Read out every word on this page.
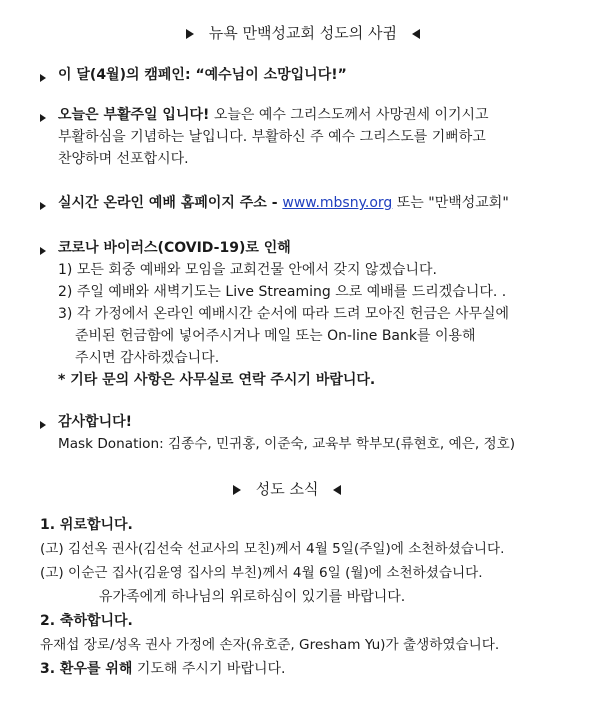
뉴욕 만백성교회 성도의 사귐
이 달(4월)의 캠페인: “예수님이 소망입니다!”
오늘은 부활주일 입니다! 오늘은 예수 그리스도께서 사망권세 이기시고
부활하심을 기념하는 날입니다. 부활하신 주 예수 그리스도를 기뻐하고
찬양하며 선포합시다.
실시간 온라인 예배 홈페이지 주소 - www.mbsny.org 또는 "만백성교회"
코로나 바이러스(COVID-19)로 인해
1) 모든 회중 예배와 모임을 교회건물 안에서 갖지 않겠습니다.
2) 주일 예배와 새벽기도는 Live Streaming 으로 예배를 드리겠습니다. .
3) 각 가정에서 온라인 예배시간 순서에 따라 드려 모아진 헌금은 사무실에
준비된 헌금함에 넣어주시거나 메일 또는 On-line Bank를 이용해
주시면 감사하겠습니다.
* 기타 문의 사항은 사무실로 연락 주시기 바랍니다.
감사합니다!
Mask Donation: 김종수, 민귀홍, 이준숙, 교육부 학부모(류현호, 예은, 정호)
성도 소식
1. 위로합니다.
(고) 김선옥 권사(김선숙 선교사의 모친)께서 4월 5일(주일)에 소천하셨습니다.
(고) 이순근 집사(김윤영 집사의 부친)께서 4월 6일 (월)에 소천하셨습니다.
유가족에게 하나님의 위로하심이 있기를 바랍니다.
2. 축하합니다.
유재섭 장로/성옥 권사 가정에 손자(유호준, Gresham Yu)가 출생하였습니다.
3. 환우를 위해 기도해 주시기 바랍니다.
